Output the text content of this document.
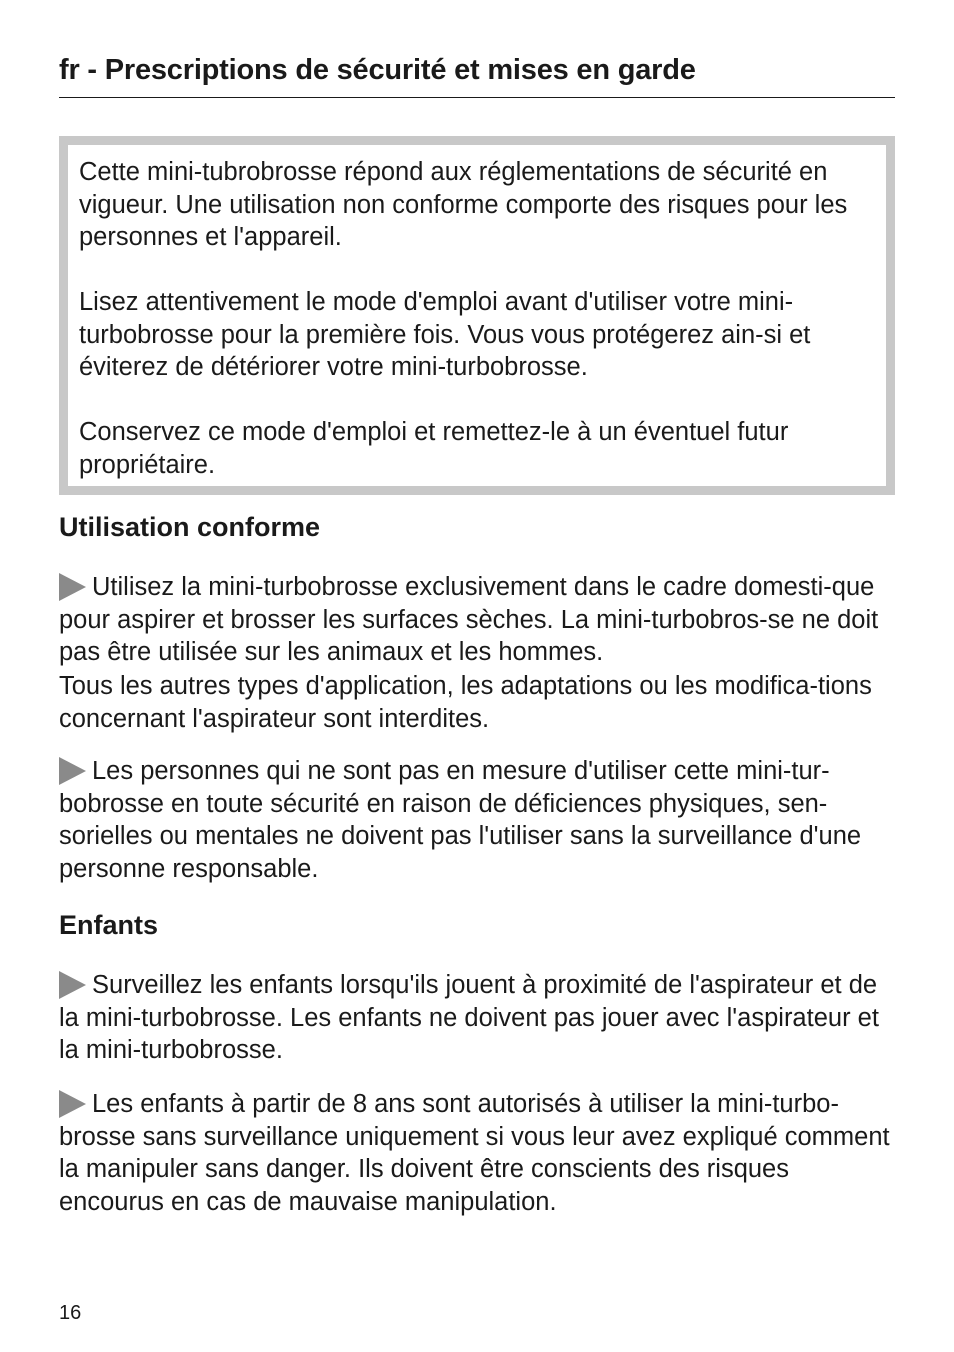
fr - Prescriptions de sécurité et mises en garde

Cette mini-tubrobrosse répond aux réglementations de sécurité en vigueur. Une utilisation non conforme comporte des risques pour les personnes et l'appareil.

Lisez attentivement le mode d'emploi avant d'utiliser votre mini-turbobrosse pour la première fois. Vous vous protégerez ain-si et éviterez de détériorer votre mini-turbobrosse.

Conservez ce mode d'emploi et remettez-le à un éventuel futur propriétaire.

Utilisation conforme

Utilisez la mini-turbobrosse exclusivement dans le cadre domesti-que pour aspirer et brosser les surfaces sèches. La mini-turbobros-se ne doit pas être utilisée sur les animaux et les hommes.

Tous les autres types d'application, les adaptations ou les modifica-tions concernant l'aspirateur sont interdites.

Les personnes qui ne sont pas en mesure d'utiliser cette mini-tur-bobrosse en toute sécurité en raison de déficiences physiques, sen-sorielles ou mentales ne doivent pas l'utiliser sans la surveillance d'une personne responsable.

Enfants

Surveillez les enfants lorsqu'ils jouent à proximité de l'aspirateur et de la mini-turbobrosse. Les enfants ne doivent pas jouer avec l'aspirateur et la mini-turbobrosse.

Les enfants à partir de 8 ans sont autorisés à utiliser la mini-turbo-brosse sans surveillance uniquement si vous leur avez expliqué comment la manipuler sans danger. Ils doivent être conscients des risques encourus en cas de mauvaise manipulation.

16
